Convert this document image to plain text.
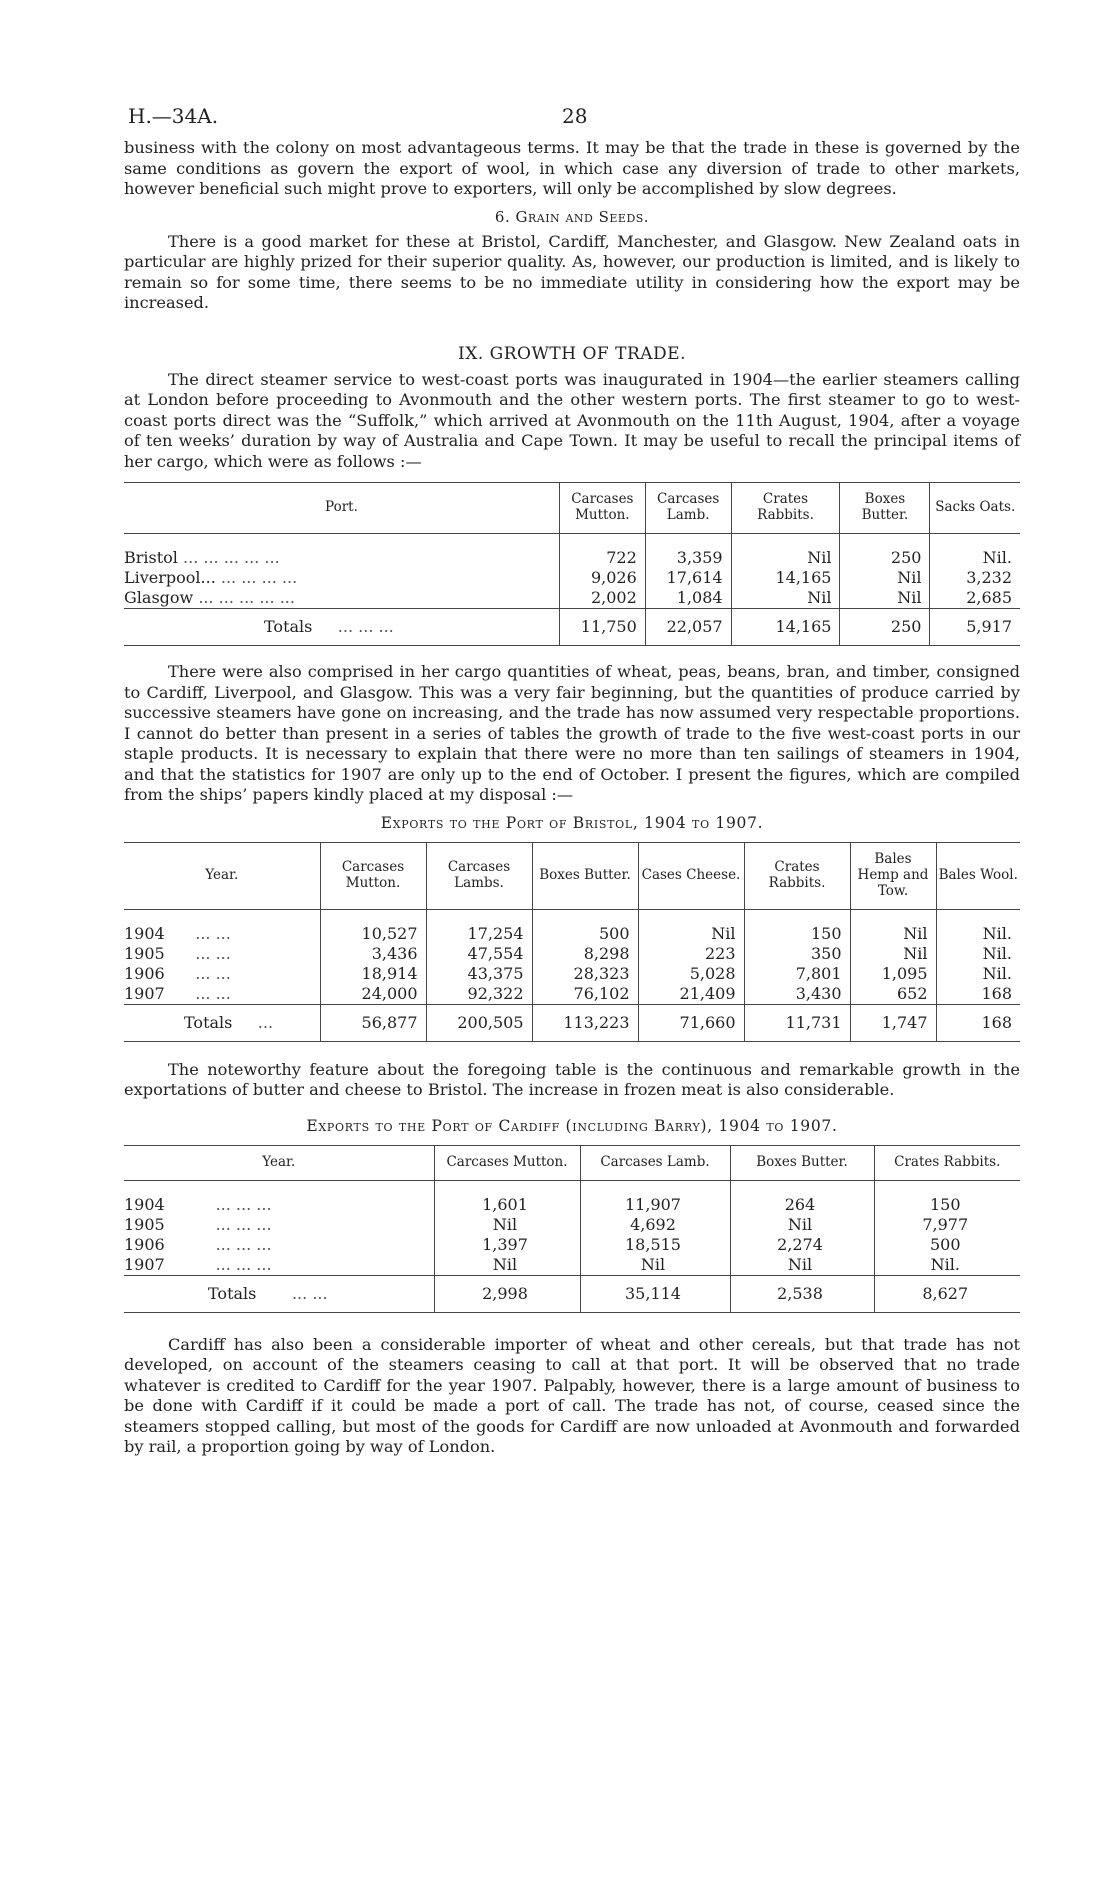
H.—34A.	28

business with the colony on most advantageous terms. It may be that the trade in these is governed by the same conditions as govern the export of wool, in which case any diversion of trade to other markets, however beneficial such might prove to exporters, will only be accomplished by slow degrees.

6. Grain and Seeds.

There is a good market for these at Bristol, Cardiff, Manchester, and Glasgow. New Zealand oats in particular are highly prized for their superior quality. As, however, our production is limited, and is likely to remain so for some time, there seems to be no immediate utility in considering how the export may be increased.

IX. GROWTH OF TRADE.

The direct steamer service to west-coast ports was inaugurated in 1904—the earlier steamers calling at London before proceeding to Avonmouth and the other western ports. The first steamer to go to west-coast ports direct was the “Suffolk,” which arrived at Avonmouth on the 11th August, 1904, after a voyage of ten weeks’ duration by way of Australia and Cape Town. It may be useful to recall the principal items of her cargo, which were as follows :—

Port.	Carcases Mutton.	Carcases Lamb.	Crates Rabbits.	Boxes Butter.	Sacks Oats.

Bristol ... ... ... ... ...	722	3,359	Nil	250	Nil.
Liverpool... ... ... ... ...	9,026	17,614	14,165	Nil	3,232
Glasgow ... ... ... ... ...	2,002	1,084	Nil	Nil	2,685
Totals ... ... ...	11,750	22,057	14,165	250	5,917

There were also comprised in her cargo quantities of wheat, peas, beans, bran, and timber, consigned to Cardiff, Liverpool, and Glasgow. This was a very fair beginning, but the quantities of produce carried by successive steamers have gone on increasing, and the trade has now assumed very respectable proportions. I cannot do better than present in a series of tables the growth of trade to the five west-coast ports in our staple products. It is necessary to explain that there were no more than ten sailings of steamers in 1904, and that the statistics for 1907 are only up to the end of October. I present the figures, which are compiled from the ships’ papers kindly placed at my disposal :—

Exports to the Port of Bristol, 1904 to 1907.
Year.	Carcases Mutton.	Carcases Lambs.	Boxes Butter.	Cases Cheese.	Crates Rabbits.	Bales Hemp and Tow.	Bales Wool.

1904 ... ...	10,527	17,254	500	Nil	150	Nil	Nil.
1905 ... ...	3,436	47,554	8,298	223	350	Nil	Nil.
1906 ... ...	18,914	43,375	28,323	5,028	7,801	1,095	Nil.
1907 ... ...	24,000	92,322	76,102	21,409	3,430	652	168
Totals ...	56,877	200,505	113,223	71,660	11,731	1,747	168

The noteworthy feature about the foregoing table is the continuous and remarkable growth in the exportations of butter and cheese to Bristol. The increase in frozen meat is also considerable.

Exports to the Port of Cardiff (including Barry), 1904 to 1907.
Year.	Carcases Mutton.	Carcases Lamb.	Boxes Butter.	Crates Rabbits.

1904 ... ... ...	1,601	11,907	264	150
1905 ... ... ...	Nil	4,692	Nil	7,977
1906 ... ... ...	1,397	18,515	2,274	500
1907 ... ... ...	Nil	Nil	Nil	Nil.
Totals ... ...	2,998	35,114	2,538	8,627

Cardiff has also been a considerable importer of wheat and other cereals, but that trade has not developed, on account of the steamers ceasing to call at that port. It will be observed that no trade whatever is credited to Cardiff for the year 1907. Palpably, however, there is a large amount of business to be done with Cardiff if it could be made a port of call. The trade has not, of course, ceased since the steamers stopped calling, but most of the goods for Cardiff are now unloaded at Avonmouth and forwarded by rail, a proportion going by way of London.
